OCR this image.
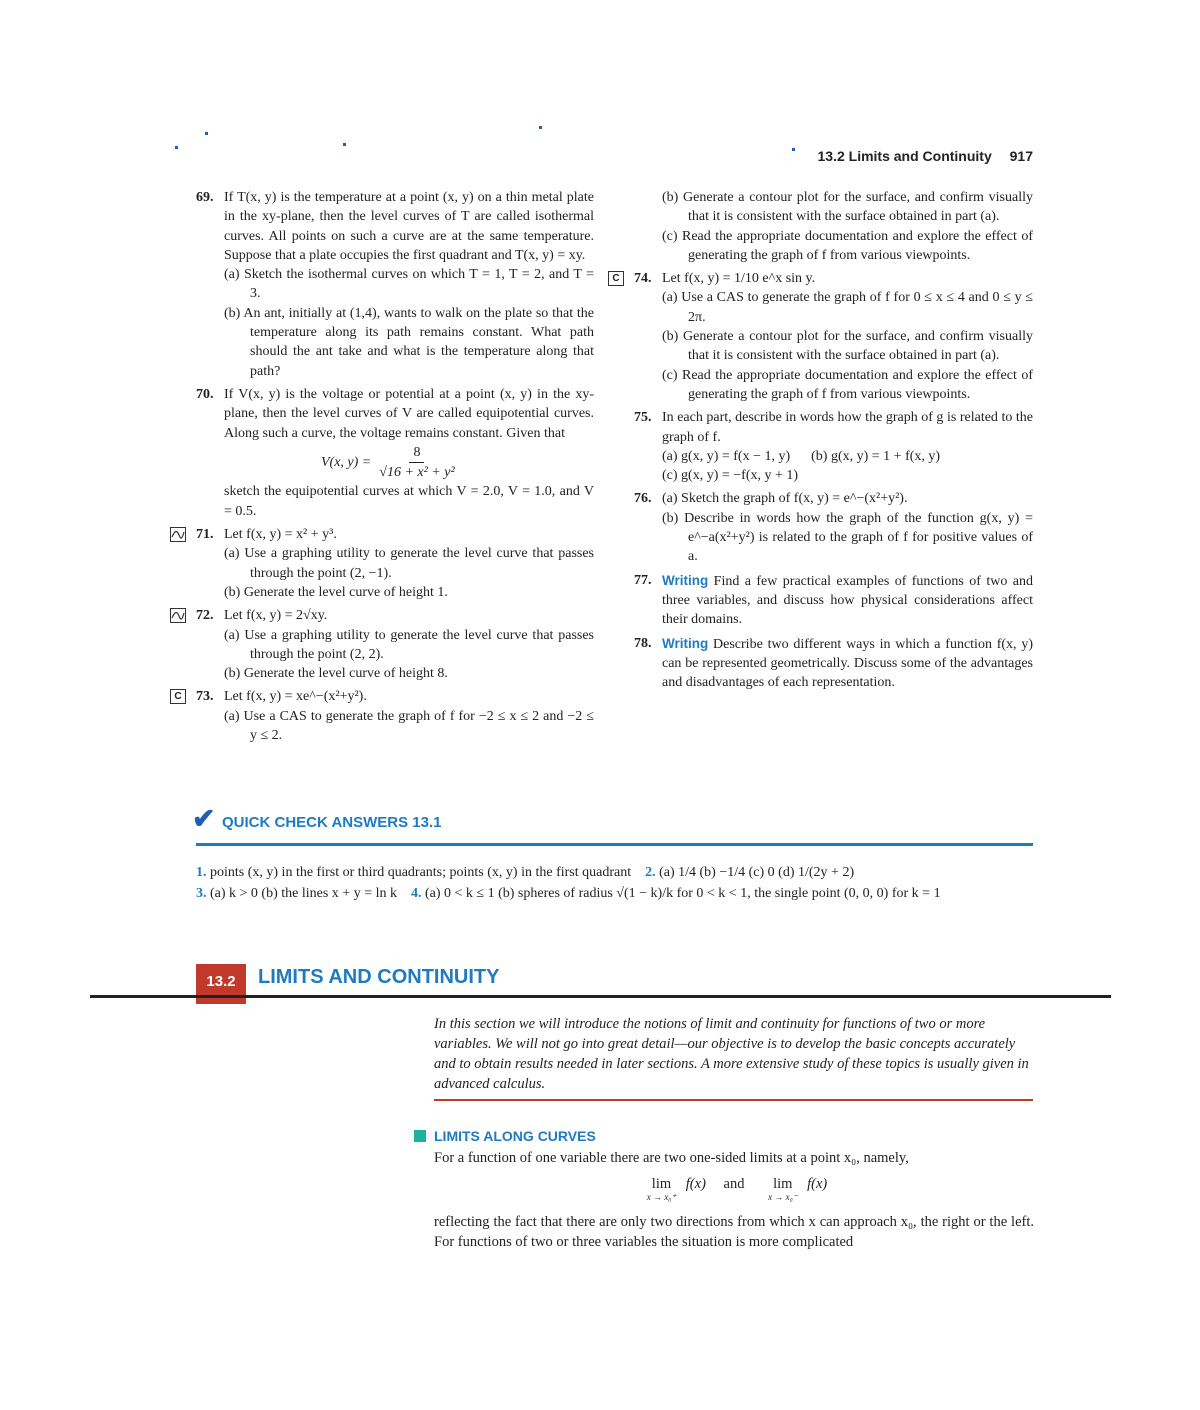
13.2 Limits and Continuity 917
69. If T(x, y) is the temperature at a point (x, y) on a thin metal plate in the xy-plane, then the level curves of T are called isothermal curves. All points on such a curve are at the same temperature. Suppose that a plate occupies the first quadrant and T(x, y) = xy.

(a) Sketch the isothermal curves on which T = 1, T = 2, and T = 3.

(b) An ant, initially at (1,4), wants to walk on the plate so that the temperature along its path remains constant. What path should the ant take and what is the temperature along that path?

70. If V(x, y) is the voltage or potential at a point (x, y) in the xy-plane, then the level curves of V are called equipotential curves. Along such a curve, the voltage remains constant. Given that

V(x, $y) = \frac{8}{\text{√16 + x² + y²}}$

sketch the equipotential curves at which V = 2.0, V = 1.0, and V = 0.5.

71. Let f(x, y) = x² + y³.

(a) Use a graphing utility to generate the level curve that passes through the point (2, −1).

(b) Generate the level curve of height 1.

72. Let f(x, y) = 2√xy.

(a) Use a graphing utility to generate the level curve that passes through the point (2, 2).

(b) Generate the level curve of height 8.

C	73. Let f(x, y) = xe^−(x²+y²).

(a) Use a CAS to generate the graph of f for −2 ≤ x ≤ 2 and −2 ≤ y ≤ 2.

(b) Generate a contour plot for the surface, and confirm visually that it is consistent with the surface obtained in part (a).

(c) Read the appropriate documentation and explore the effect of generating the graph of f from various viewpoints.

C	74. Let f(x, y) = 1/10 e^x sin y.

(a) Use a CAS to generate the graph of f for 0 ≤ x ≤ 4 and 0 ≤ y ≤ 2π.

(b) Generate a contour plot for the surface, and confirm visually that it is consistent with the surface obtained in part (a).

(c) Read the appropriate documentation and explore the effect of generating the graph of f from various viewpoints.

75. In each part, describe in words how the graph of g is related to the graph of f.

(a) g(x, y) = f(x − 1, y)      (b) g(x, y) = 1 + f(x, y)

(c) g(x, y) = −f(x, y + 1)

76. (a) Sketch the graph of f(x, y) = e^−(x²+y²).

(b) Describe in words how the graph of the function g(x, y) = e^−a(x²+y²) is related to the graph of f for positive values of a.

77. Writing Find a few practical examples of functions of two and three variables, and discuss how physical considerations affect their domains.

78. Writing Describe two different ways in which a function f(x, y) can be represented geometrically. Discuss some of the advantages and disadvantages of each representation.

✔ QUICK CHECK ANSWERS 13.1
1. points (x, y) in the first or third quadrants; points (x, y) in the first quadrant 2. (a) 1/4 (b) −1/4 (c) 0 (d) 1/(2y + 2)
3. (a) k > 0 (b) the lines x + y = ln k 4. (a) 0 < k ≤ 1 (b) spheres of radius √(1 − k)/k for 0 < k < 1, the single point (0, 0, 0) for k = 1
13.2	LIMITS AND CONTINUITY
In this section we will introduce the notions of limit and continuity for functions of two or more variables. We will not go into great detail—our objective is to develop the basic concepts accurately and to obtain results needed in later sections. A more extensive study of these topics is usually given in advanced calculus.
LIMITS ALONG CURVES
For a function of one variable there are two one-sided limits at a point x₀, namely,
lim
x → x₀⁺
f(x) and	lim
x → x₀⁻
f(x)
reflecting the fact that there are only two directions from which x can approach x₀, the right or the left. For functions of two or three variables the situation is more complicated
